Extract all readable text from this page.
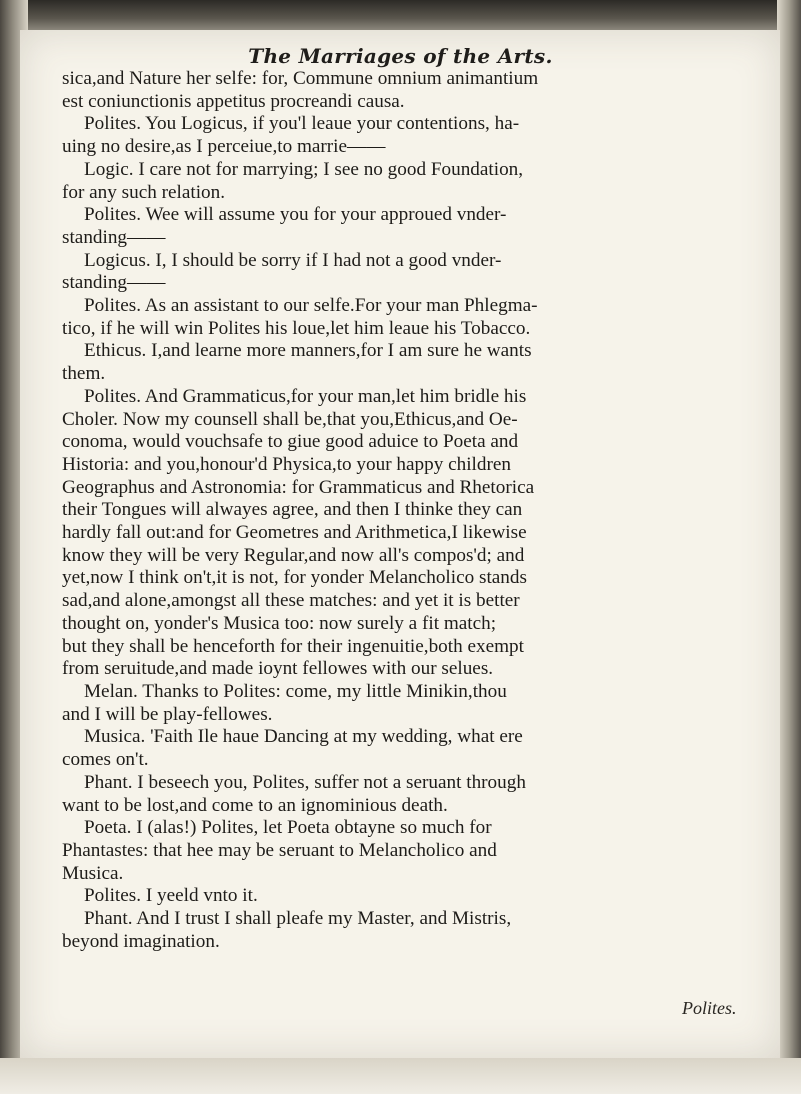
The Marriages of the Arts.
sica,and Nature her selfe: for, Commune omnium animantium
est coniunctionis appetitus procreandi causa.
Polites. You Logicus, if you'l leaue your contentions, ha-
uing no desire,as I perceiue,to marrie——
Logic. I care not for marrying; I see no good Foundation,
for any such relation.
Polites. Wee will assume you for your approued vnder-
standing——
Logicus. I, I should be sorry if I had not a good vnder-
standing——
Polites. As an assistant to our selfe.For your man Phlegma-
tico, if he will win Polites his loue,let him leaue his Tobacco.
Ethicus. I,and learne more manners,for I am sure he wants
them.
Polites. And Grammaticus,for your man,let him bridle his
Choler. Now my counsell shall be,that you,Ethicus,and Oe-
conoma, would vouchsafe to giue good aduice to Poeta and
Historia: and you,honour'd Physica,to your happy children
Geographus and Astronomia: for Grammaticus and Rhetorica
their Tongues will alwayes agree, and then I thinke they can
hardly fall out:and for Geometres and Arithmetica,I likewise
know they will be very Regular,and now all's compos'd; and
yet,now I think on't,it is not, for yonder Melancholico stands
sad,and alone,amongst all these matches: and yet it is better
thought on, yonder's Musica too: now surely a fit match;
but they shall be henceforth for their ingenuitie,both exempt
from seruitude,and made ioynt fellowes with our selues.
Melan. Thanks to Polites: come, my little Minikin,thou
and I will be play-fellowes.
Musica. 'Faith Ile haue Dancing at my wedding, what ere
comes on't.
Phant. I beseech you, Polites, suffer not a seruant through
want to be lost,and come to an ignominious death.
Poeta. I (alas!) Polites, let Poeta obtayne so much for
Phantastes: that hee may be seruant to Melancholico and
Musica.
Polites. I yeeld vnto it.
Phant. And I trust I shall pleafe my Master, and Mistris,
beyond imagination.
Polites.
